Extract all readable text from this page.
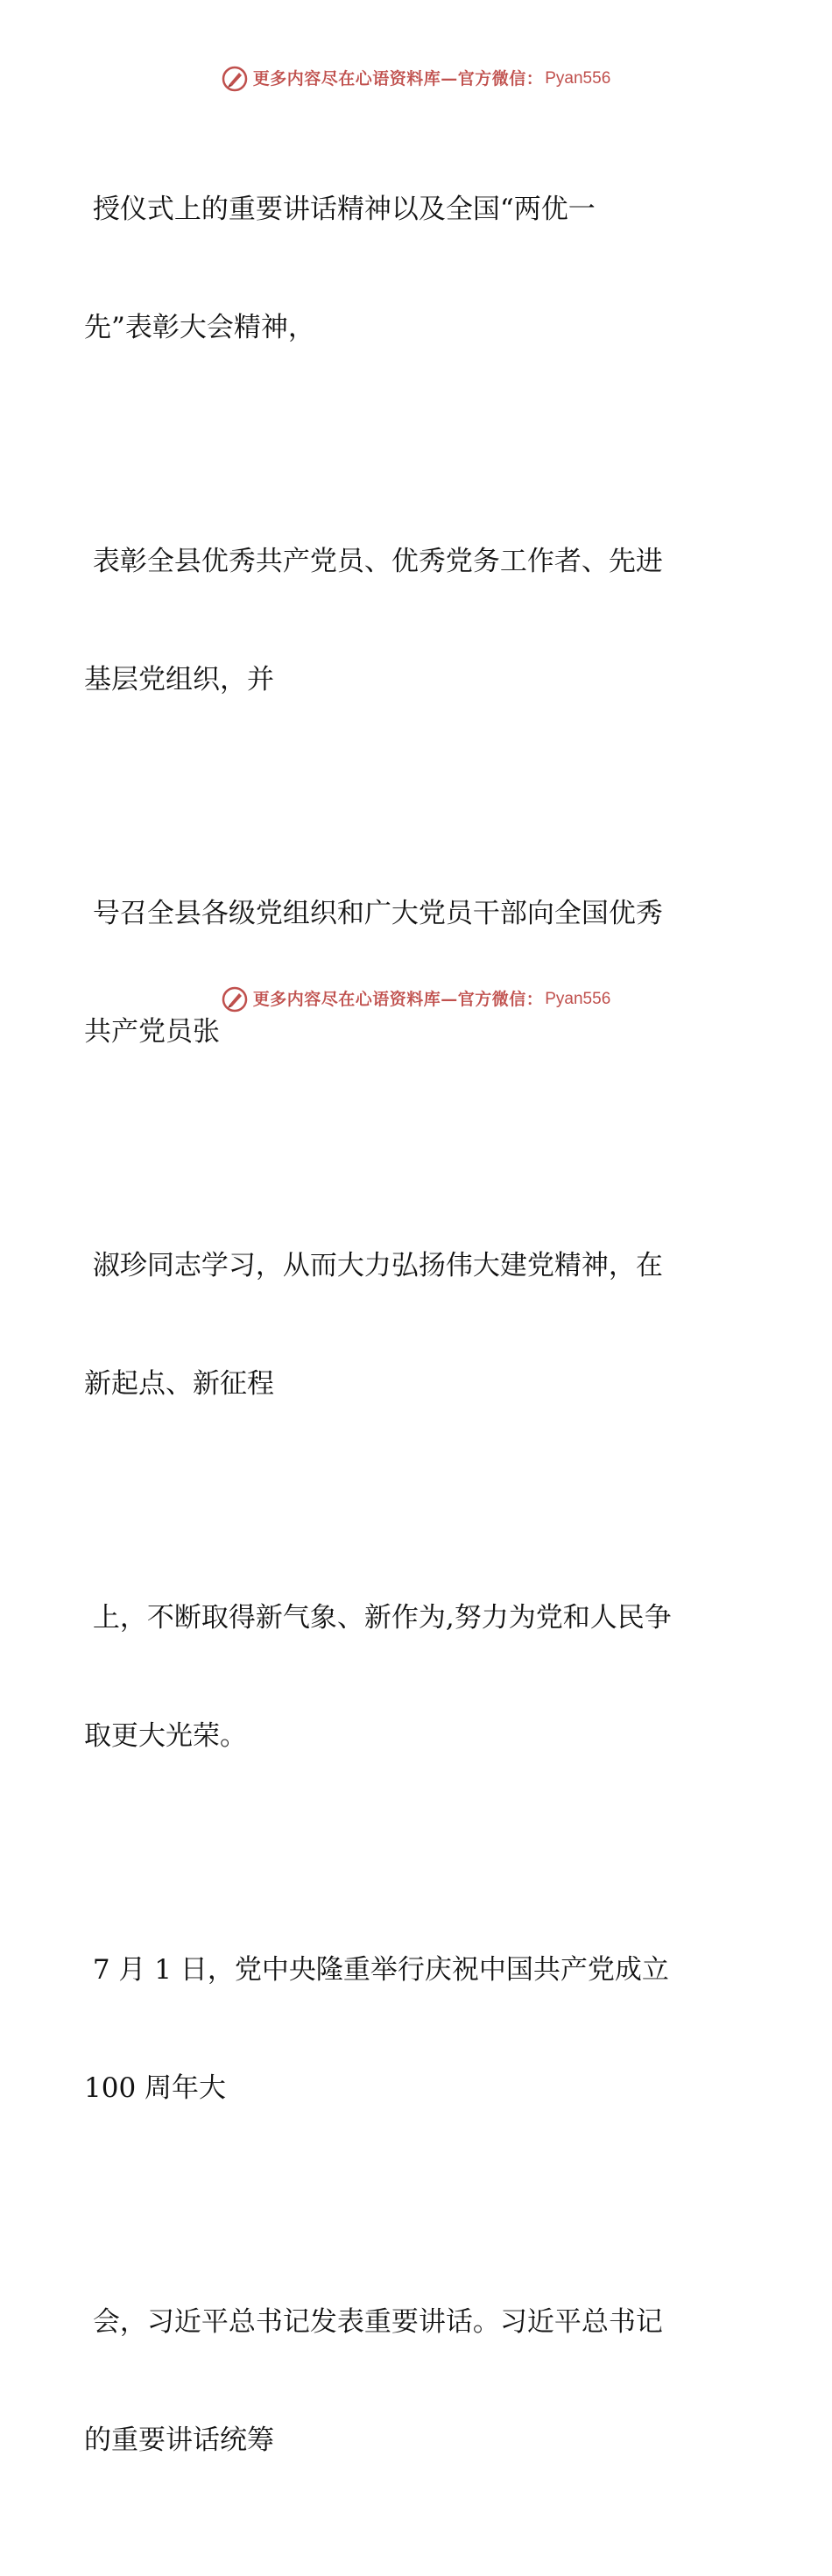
更多内容尽在心语资料库—官方微信： Pyan556

授仪式上的重要讲话精神以及全国“两优一

先”表彰大会精神，

表彰全县优秀共产党员、优秀党务工作者、先进

基层党组织，并

号召全县各级党组织和广大党员干部向全国优秀

共产党员张

淑珍同志学习，从而大力弘扬伟大建党精神，在

新起点、新征程

上，不断取得新气象、新作为,努力为党和人民争

取更大光荣。

7 月 1 日，党中央隆重举行庆祝中国共产党成立

100 周年大

会，习近平总书记发表重要讲话。习近平总书记

的重要讲话统筹

更多内容尽在心语资料库—官方微信： Pyan556
